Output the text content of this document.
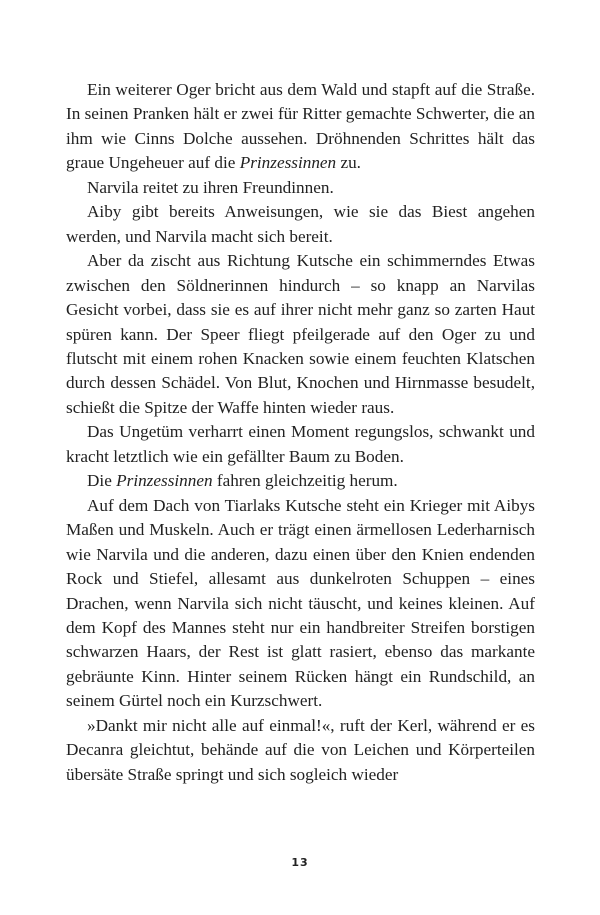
Ein weiterer Oger bricht aus dem Wald und stapft auf die Straße. In seinen Pranken hält er zwei für Ritter gemachte Schwerter, die an ihm wie Cinns Dolche aussehen. Dröhnenden Schrittes hält das graue Ungeheuer auf die Prinzessinnen zu.

Narvila reitet zu ihren Freundinnen.

Aiby gibt bereits Anweisungen, wie sie das Biest angehen werden, und Narvila macht sich bereit.

Aber da zischt aus Richtung Kutsche ein schimmerndes Etwas zwischen den Söldnerinnen hindurch – so knapp an Narvilas Gesicht vorbei, dass sie es auf ihrer nicht mehr ganz so zarten Haut spüren kann. Der Speer fliegt pfeilgerade auf den Oger zu und flutscht mit einem rohen Knacken sowie einem feuchten Klatschen durch dessen Schädel. Von Blut, Knochen und Hirnmasse besudelt, schießt die Spitze der Waffe hinten wieder raus.

Das Ungetüm verharrt einen Moment regungslos, schwankt und kracht letztlich wie ein gefällter Baum zu Boden.

Die Prinzessinnen fahren gleichzeitig herum.

Auf dem Dach von Tiarlaks Kutsche steht ein Krieger mit Aibys Maßen und Muskeln. Auch er trägt einen ärmellosen Lederharnisch wie Narvila und die anderen, dazu einen über den Knien endenden Rock und Stiefel, allesamt aus dunkelroten Schuppen – eines Drachen, wenn Narvila sich nicht täuscht, und keines kleinen. Auf dem Kopf des Mannes steht nur ein handbreiter Streifen borstigen schwarzen Haars, der Rest ist glatt rasiert, ebenso das markante gebräunte Kinn. Hinter seinem Rücken hängt ein Rundschild, an seinem Gürtel noch ein Kurzschwert.

»Dankt mir nicht alle auf einmal!«, ruft der Kerl, während er es Decanra gleichtut, behände auf die von Leichen und Körperteilen übersäte Straße springt und sich sogleich wieder

13
